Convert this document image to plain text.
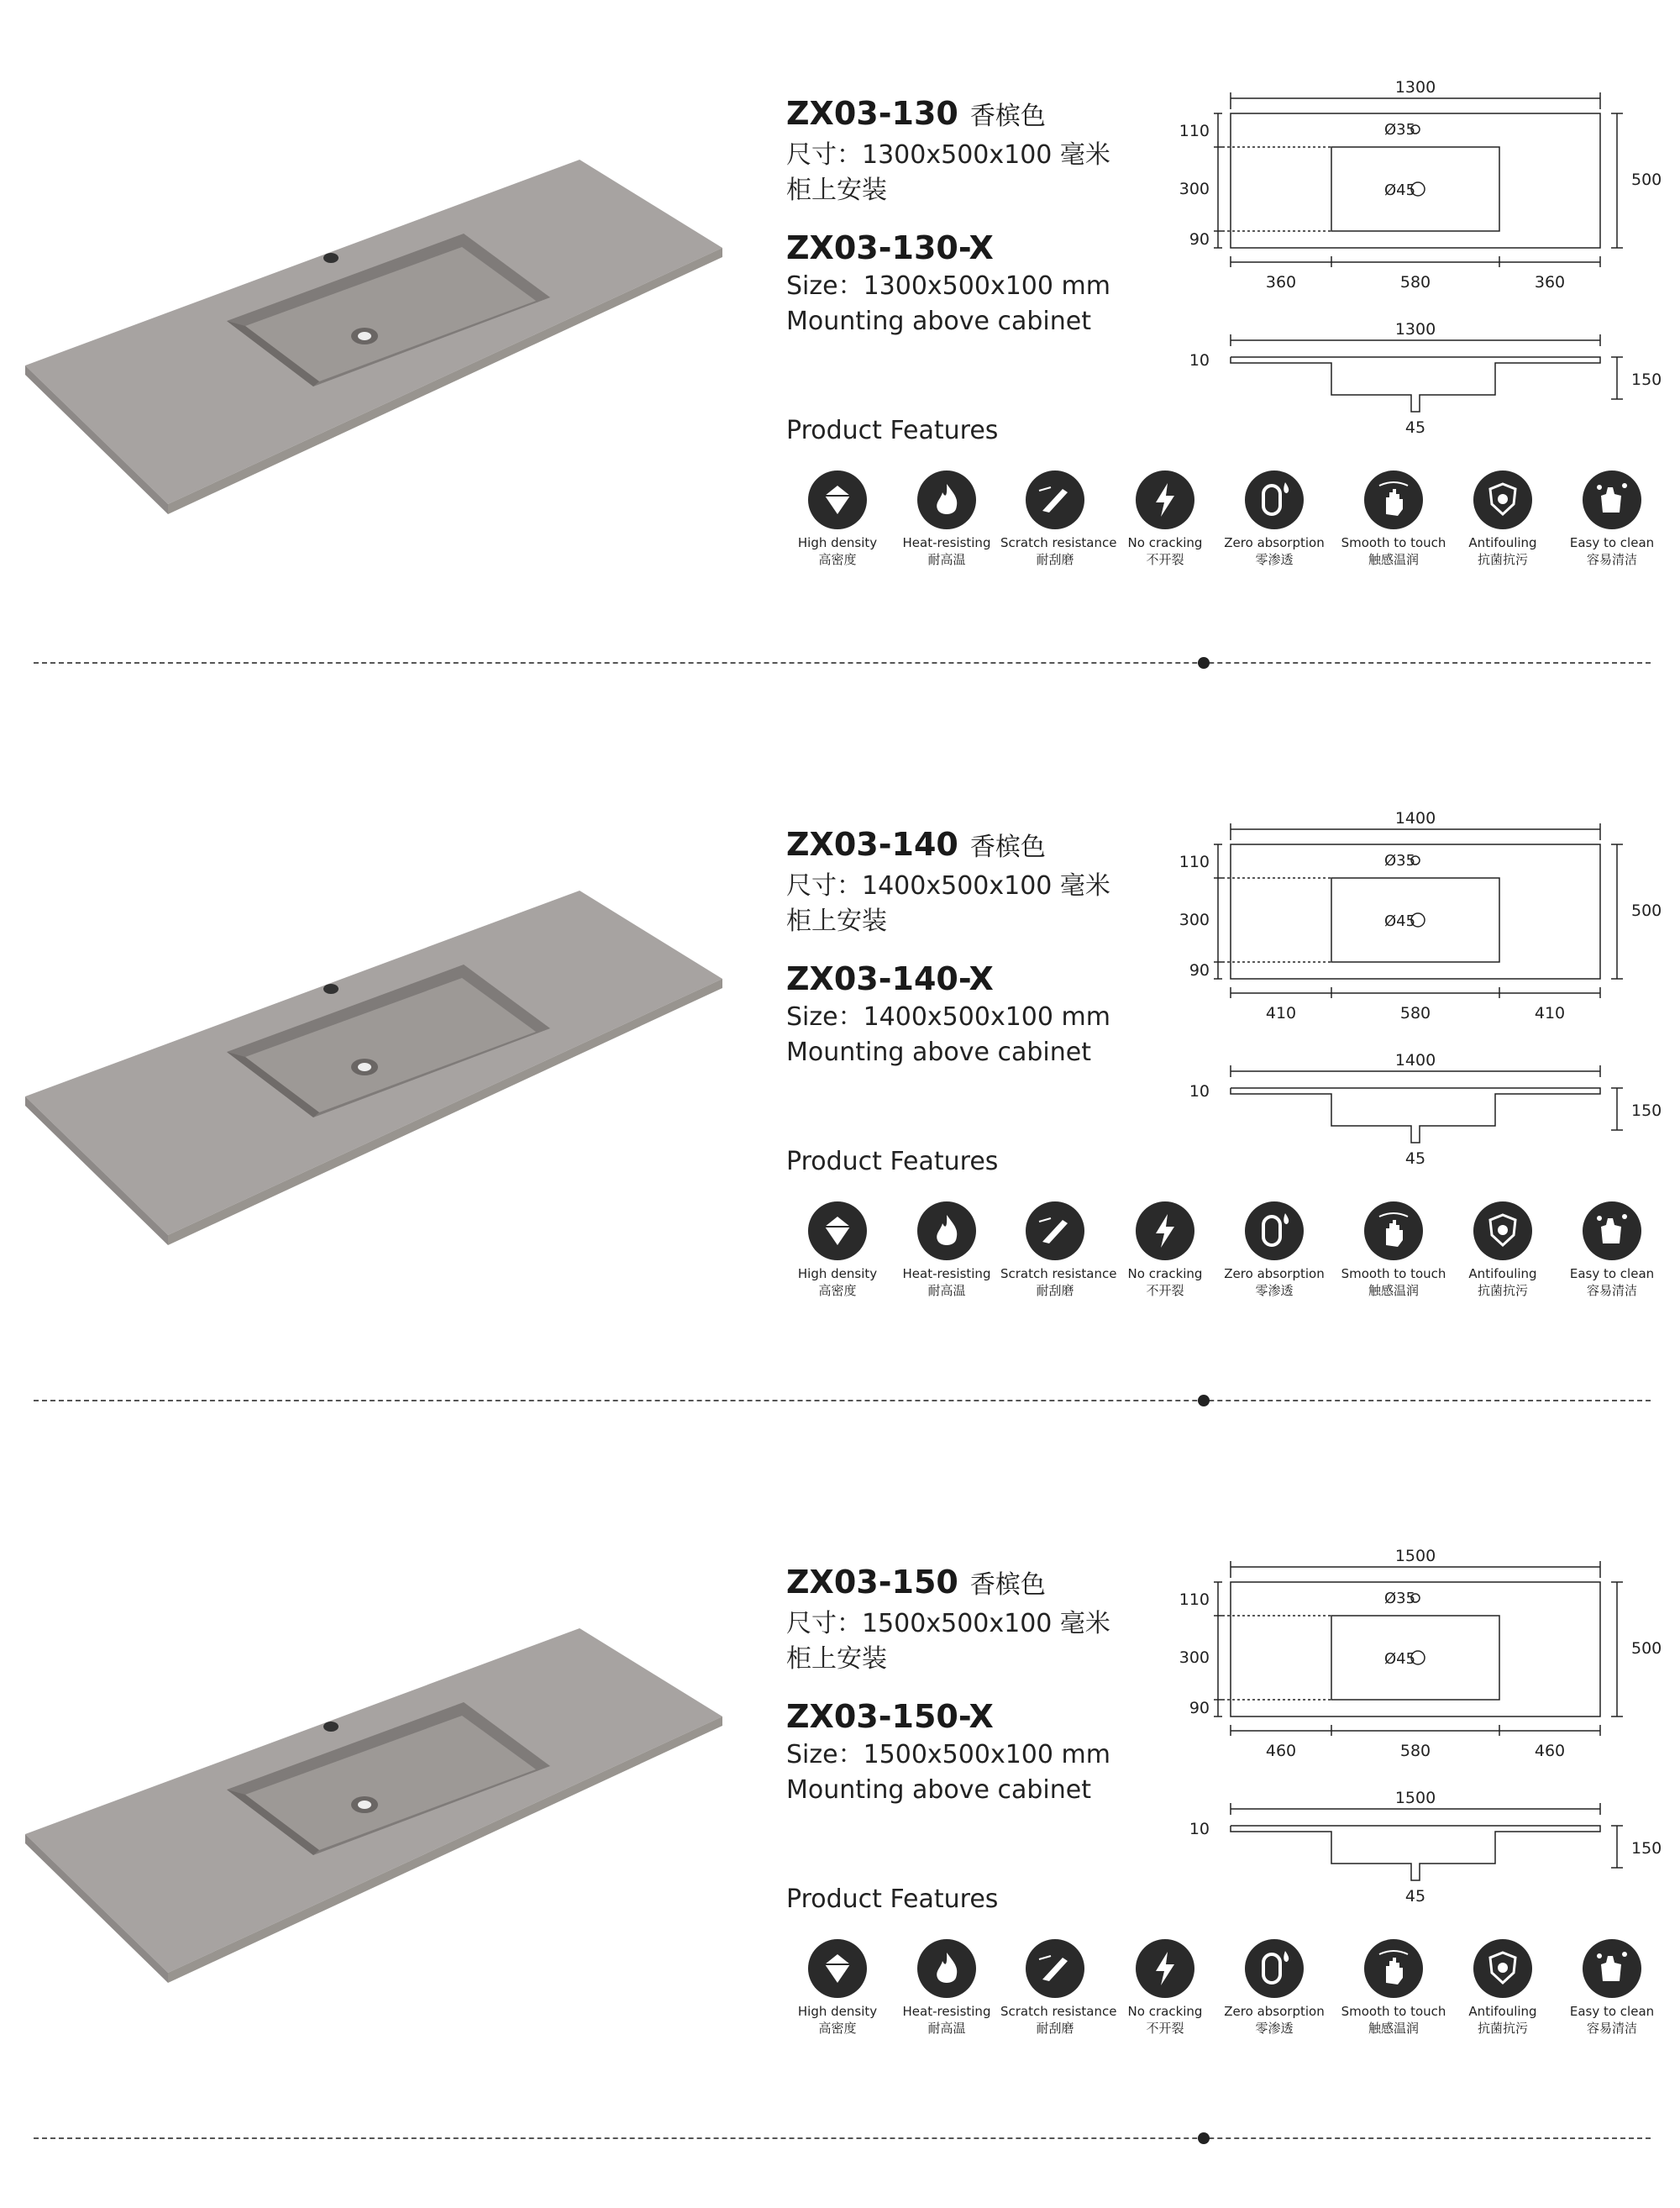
ZX03-130 香槟色
尺寸：1300x500x100 毫米
柜上安装
ZX03-130-X
Size：1300x500x100 mm
Mounting above cabinet
Product Features
High density
高密度
Heat-resisting
耐高温
Scratch resistance
耐刮磨
No cracking
不开裂
Zero absorption
零渗透
Smooth to touch
触感温润
Antifouling
抗菌抗污
Easy to clean
容易清洁
1300
500
110
300
90
360	580	360
Ø35
Ø45
1300
10
150
45
ZX03-140 香槟色
尺寸：1400x500x100 毫米
柜上安装
ZX03-140-X
Size：1400x500x100 mm
Mounting above cabinet
Product Features
High density
高密度
Heat-resisting
耐高温
Scratch resistance
耐刮磨
No cracking
不开裂
Zero absorption
零渗透
Smooth to touch
触感温润
Antifouling
抗菌抗污
Easy to clean
容易清洁
1400
500
110
300
90
410	580	410
Ø35
Ø45
1400
10
150
45
ZX03-150 香槟色
尺寸：1500x500x100 毫米
柜上安装
ZX03-150-X
Size：1500x500x100 mm
Mounting above cabinet
Product Features
High density
高密度
Heat-resisting
耐高温
Scratch resistance
耐刮磨
No cracking
不开裂
Zero absorption
零渗透
Smooth to touch
触感温润
Antifouling
抗菌抗污
Easy to clean
容易清洁
1500
500
110
300
90
460	580	460
Ø35
Ø45
1500
10
150
45
